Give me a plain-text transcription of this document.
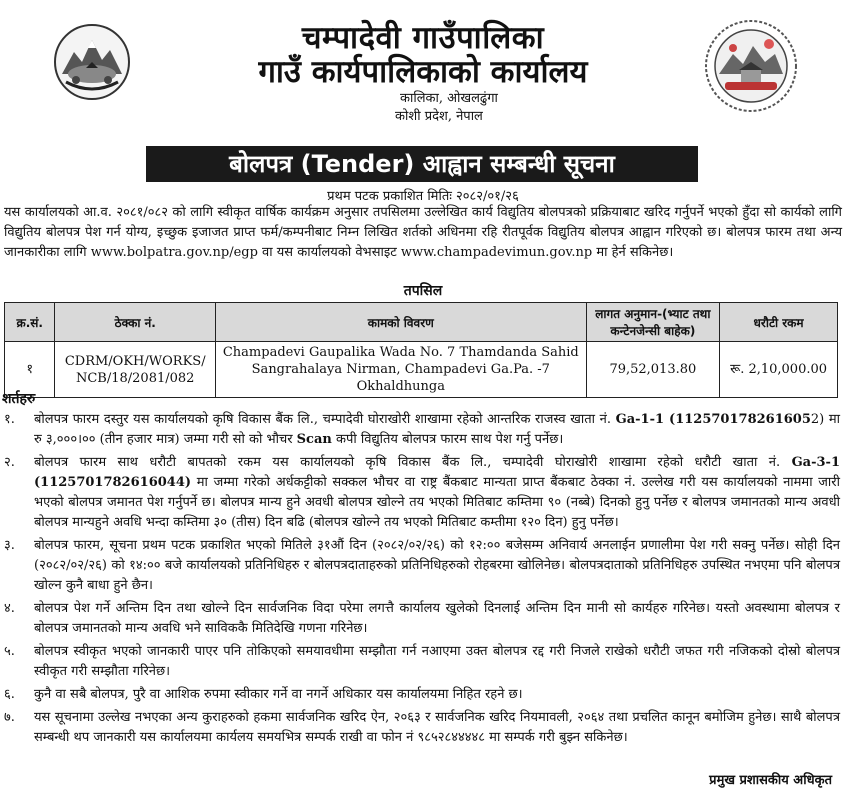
चम्पादेवी गाउँपालिका
गाउँ कार्यपालिकाको कार्यालय
कालिका, ओखलढुंगा
कोशी प्रदेश, नेपाल
बोलपत्र (Tender) आह्वान सम्बन्धी सूचना
प्रथम पटक प्रकाशित मितिः २०८२/०१/२६
यस कार्यालयको आ.व. २०८१/०८२ को लागि स्वीकृत वार्षिक कार्यक्रम अनुसार तपसिलमा उल्लेखित कार्य विद्युतिय बोलपत्रको प्रक्रियाबाट खरिद गर्नुपर्ने भएको हुँदा सो कार्यको लागि विद्युतिय बोलपत्र पेश गर्न योग्य, इच्छुक इजाजत प्राप्त फर्म/कम्पनीबाट निम्न लिखित शर्तको अधिनमा रहि रीतपूर्वक विद्युतिय बोलपत्र आह्वान गरिएको छ। बोलपत्र फारम तथा अन्य जानकारीका लागि www.bolpatra.gov.np/egp वा यस कार्यालयको वेभसाइट www.champadevimun.gov.np मा हेर्न सकिनेछ।
तपसिल
क्र.सं.	ठेक्का नं.	कामको विवरण	लागत अनुमान-(भ्याट तथा कन्टेनजेन्सी बाहेक)	धरौटी रकम
१	CDRM/OKH/WORKS/ NCB/18/2081/082	Champadevi Gaupalika Wada No. 7 Thamdanda Sahid Sangrahalaya Nirman, Champadevi Ga.Pa. -7 Okhaldhunga	79,52,013.80	रू. 2,10,000.00
शर्तहरु
१. बोलपत्र फारम दस्तुर यस कार्यालयको कृषि विकास बैंक लि., चम्पादेवी घोराखोरी शाखामा रहेको आन्तरिक राजस्व खाता नं. Ga-1-1 (1125701782616052) मा रु ३,०००।०० (तीन हजार मात्र) जम्मा गरी सो को भौचर Scan कपी विद्युतिय बोलपत्र फारम साथ पेश गर्नु पर्नेछ।
२. बोलपत्र फारम साथ धरौटी बापतको रकम यस कार्यालयको कृषि विकास बैंक लि., चम्पादेवी घोराखोरी शाखामा रहेको धरौटी खाता नं. Ga-3-1 (1125701782616044) मा जम्मा गरेको अर्धकट्टीको सक्कल भौचर वा राष्ट्र बैंकबाट मान्यता प्राप्त बैंकबाट ठेक्का नं. उल्लेख गरी यस कार्यालयको नाममा जारी भएको बोलपत्र जमानत पेश गर्नुपर्ने छ। बोलपत्र मान्य हुने अवधी बोलपत्र खोल्ने तय भएको मितिबाट कम्तिमा ९० (नब्बे) दिनको हुनु पर्नेछ र बोलपत्र जमानतको मान्य अवधी बोलपत्र मान्यहुने अवधि भन्दा कम्तिमा ३० (तीस) दिन बढि (बोलपत्र खोल्ने तय भएको मितिबाट कम्तीमा १२० दिन) हुनु पर्नेछ।
३. बोलपत्र फारम, सूचना प्रथम पटक प्रकाशित भएको मितिले ३१औं दिन (२०८२/०२/२६) को १२:०० बजेसम्म अनिवार्य अनलाईन प्रणालीमा पेश गरी सक्नु पर्नेछ। सोही दिन (२०८२/०२/२६) को १४:०० बजे कार्यालयको प्रतिनिधिहरु र बोलपत्रदाताहरुको प्रतिनिधिहरुको रोहबरमा खोलिनेछ। बोलपत्रदाताको प्रतिनिधिहरु उपस्थित नभएमा पनि बोलपत्र खोल्न कुनै बाधा हुने छैन।
४. बोलपत्र पेश गर्ने अन्तिम दिन तथा खोल्ने दिन सार्वजनिक विदा परेमा लगत्तै कार्यालय खुलेको दिनलाई अन्तिम दिन मानी सो कार्यहरु गरिनेछ। यस्तो अवस्थामा बोलपत्र र बोलपत्र जमानतको मान्य अवधि भने साविककै मितिदेखि गणना गरिनेछ।
५. बोलपत्र स्वीकृत भएको जानकारी पाएर पनि तोकिएको समयावधीमा सम्झौता गर्न नआएमा उक्त बोलपत्र रद्द गरी निजले राखेको धरौटी जफत गरी नजिकको दोस्रो बोलपत्र स्वीकृत गरी सम्झौता गरिनेछ।
६. कुनै वा सबै बोलपत्र, पुरै वा आशिक रुपमा स्वीकार गर्ने वा नगर्ने अधिकार यस कार्यालयमा निहित रहने छ।
७. यस सूचनामा उल्लेख नभएका अन्य कुराहरुको हकमा सार्वजनिक खरिद ऐन, २०६३ र सार्वजनिक खरिद नियमावली, २०६४ तथा प्रचलित कानून बमोजिम हुनेछ। साथै बोलपत्र सम्बन्धी थप जानकारी यस कार्यालयमा कार्यलय समयभित्र सम्पर्क राखी वा फोन नं ९८५२८४४४४८ मा सम्पर्क गरी बुझ्न सकिनेछ।
प्रमुख प्रशासकीय अधिकृत
